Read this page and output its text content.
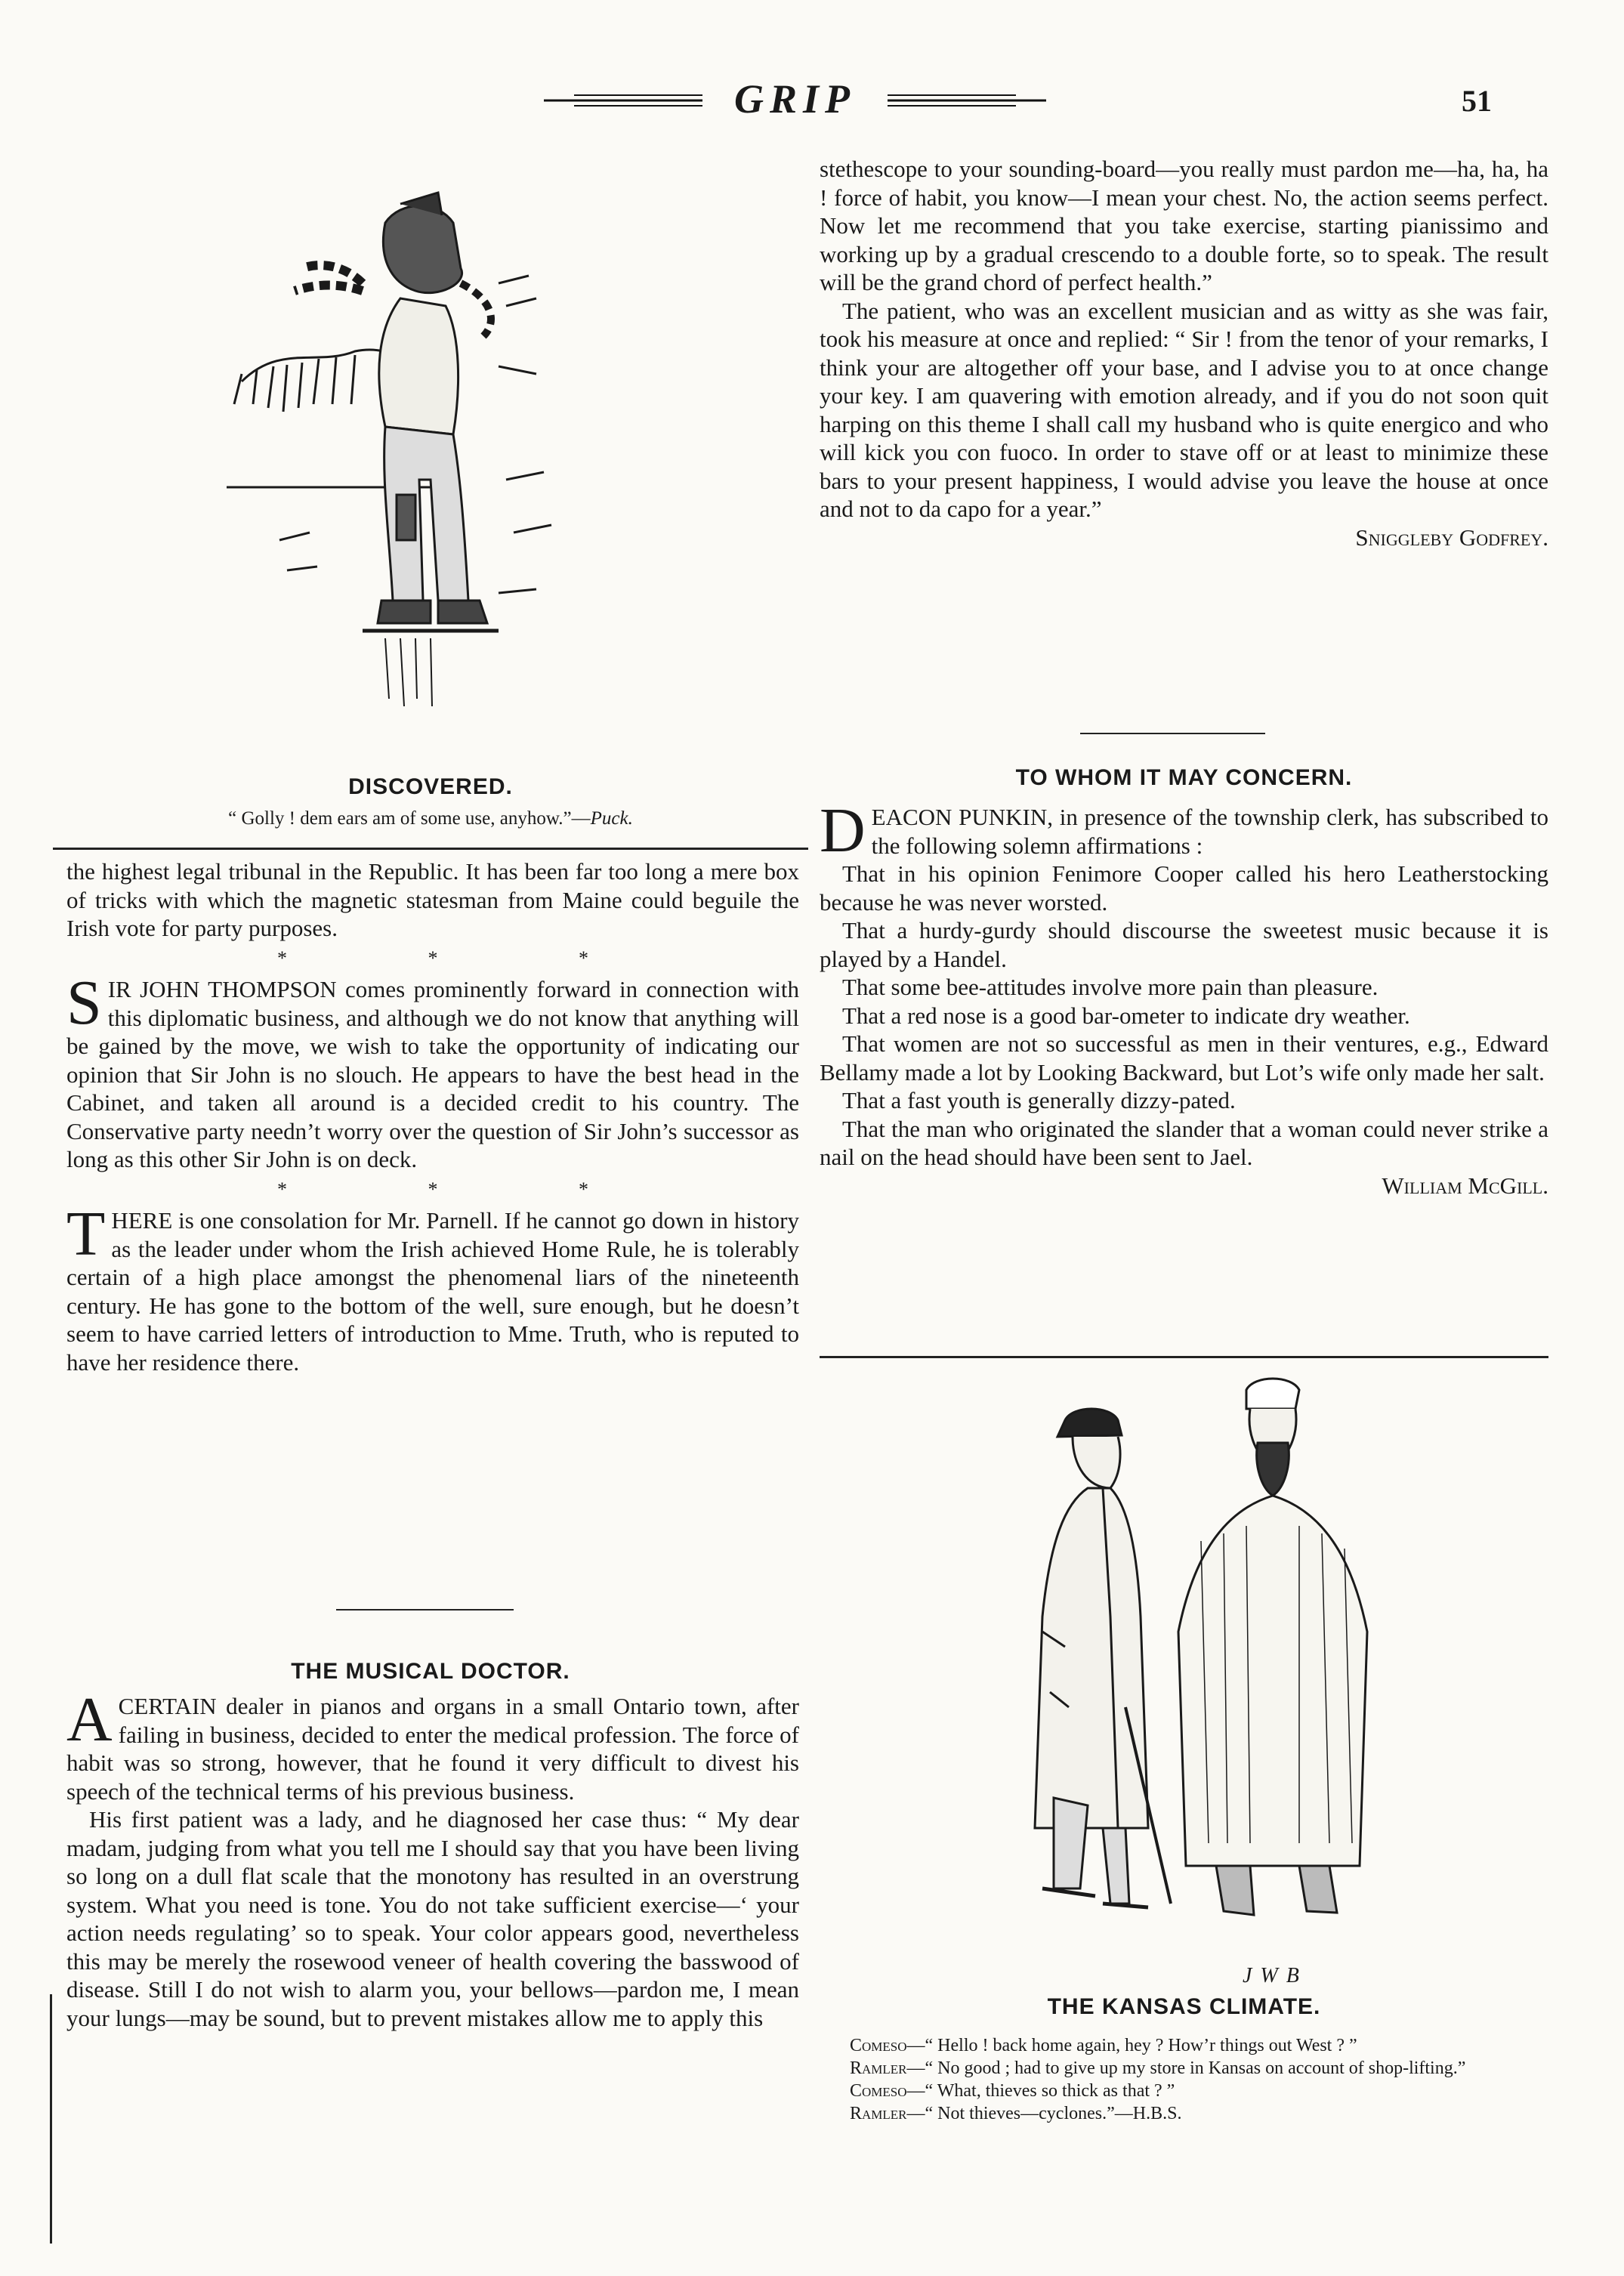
GRIP	51
DISCOVERED.
“ Golly ! dem ears am of some use, anyhow.”—Puck.

the highest legal tribunal in the Republic. It has been far too long a mere box of tricks with which the magnetic statesman from Maine could beguile the Irish vote for party purposes.

* * *

SIR JOHN THOMPSON comes prominently forward in connection with this diplomatic business, and although we do not know that anything will be gained by the move, we wish to take the opportunity of indicating our opinion that Sir John is no slouch. He appears to have the best head in the Cabinet, and taken all around is a decided credit to his country. The Conservative party needn’t worry over the question of Sir John’s successor as long as this other Sir John is on deck.

* * *

THERE is one consolation for Mr. Parnell. If he cannot go down in history as the leader under whom the Irish achieved Home Rule, he is tolerably certain of a high place amongst the phenomenal liars of the nineteenth century. He has gone to the bottom of the well, sure enough, but he doesn’t seem to have carried letters of introduction to Mme. Truth, who is reputed to have her residence there.

THE MUSICAL DOCTOR.

A CERTAIN dealer in pianos and organs in a small Ontario town, after failing in business, decided to enter the medical profession. The force of habit was so strong, however, that he found it very difficult to divest his speech of the technical terms of his previous business.

His first patient was a lady, and he diagnosed her case thus: “ My dear madam, judging from what you tell me I should say that you have been living so long on a dull flat scale that the monotony has resulted in an overstrung system. What you need is tone. You do not take sufficient exercise—‘ your action needs regulating’ so to speak. Your color appears good, nevertheless this may be merely the rosewood veneer of health covering the basswood of disease. Still I do not wish to alarm you, your bellows—pardon me, I mean your lungs—may be sound, but to prevent mistakes allow me to apply this

stethescope to your sounding-board—you really must pardon me—ha, ha, ha ! force of habit, you know—I mean your chest. No, the action seems perfect. Now let me recommend that you take exercise, starting pianissimo and working up by a gradual crescendo to a double forte, so to speak. The result will be the grand chord of perfect health.”

The patient, who was an excellent musician and as witty as she was fair, took his measure at once and replied: “ Sir ! from the tenor of your remarks, I think your are altogether off your base, and I advise you to at once change your key. I am quavering with emotion already, and if you do not soon quit harping on this theme I shall call my husband who is quite energico and who will kick you con fuoco. In order to stave off or at least to minimize these bars to your present happiness, I would advise you leave the house at once and not to da capo for a year.”

Sniggleby Godfrey.
TO WHOM IT MAY CONCERN.

DEACON PUNKIN, in presence of the township clerk, has subscribed to the following solemn affirmations :

That in his opinion Fenimore Cooper called his hero Leatherstocking because he was never worsted.

That a hurdy-gurdy should discourse the sweetest music because it is played by a Handel.

That some bee-attitudes involve more pain than pleasure.

That a red nose is a good bar-ometer to indicate dry weather.

That women are not so successful as men in their ventures, e.g., Edward Bellamy made a lot by Looking Backward, but Lot’s wife only made her salt.

That a fast youth is generally dizzy-pated.

That the man who originated the slander that a woman could never strike a nail on the head should have been sent to Jael.

William McGill.
J W B
THE KANSAS CLIMATE.

Comeso—“ Hello ! back home again, hey ? How’r things out West ? ”

Ramler—“ No good ; had to give up my store in Kansas on account of shop-lifting.”

Comeso—“ What, thieves so thick as that ? ”

Ramler—“ Not thieves—cyclones.”—H.B.S.
